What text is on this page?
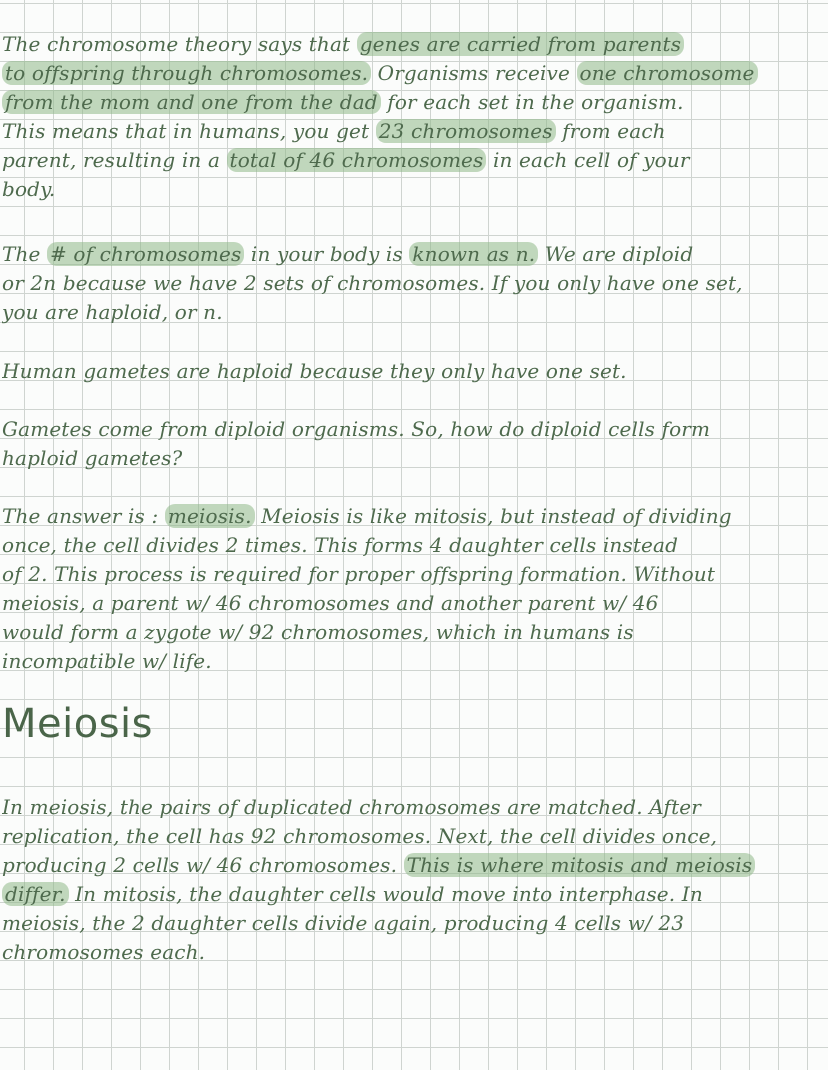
The chromosome theory says that genes are carried from parents
to offspring through chromosomes. Organisms receive one chromosome
from the mom and one from the dad for each set in the organism.
This means that in humans, you get 23 chromosomes from each
parent, resulting in a total of 46 chromosomes in each cell of your
body.
The # of chromosomes in your body is known as n. We are diploid
or 2n because we have 2 sets of chromosomes. If you only have one set,
you are haploid, or n.
Human gametes are haploid because they only have one set.
Gametes come from diploid organisms. So, how do diploid cells form
haploid gametes?
The answer is : meiosis. Meiosis is like mitosis, but instead of dividing
once, the cell divides 2 times. This forms 4 daughter cells instead
of 2. This process is required for proper offspring formation. Without
meiosis, a parent w/ 46 chromosomes and another parent w/ 46
would form a zygote w/ 92 chromosomes, which in humans is
incompatible w/ life.
Meiosis
In meiosis, the pairs of duplicated chromosomes are matched. After
replication, the cell has 92 chromosomes. Next, the cell divides once,
producing 2 cells w/ 46 chromosomes. This is where mitosis and meiosis
differ. In mitosis, the daughter cells would move into interphase. In
meiosis, the 2 daughter cells divide again, producing 4 cells w/ 23
chromosomes each.
